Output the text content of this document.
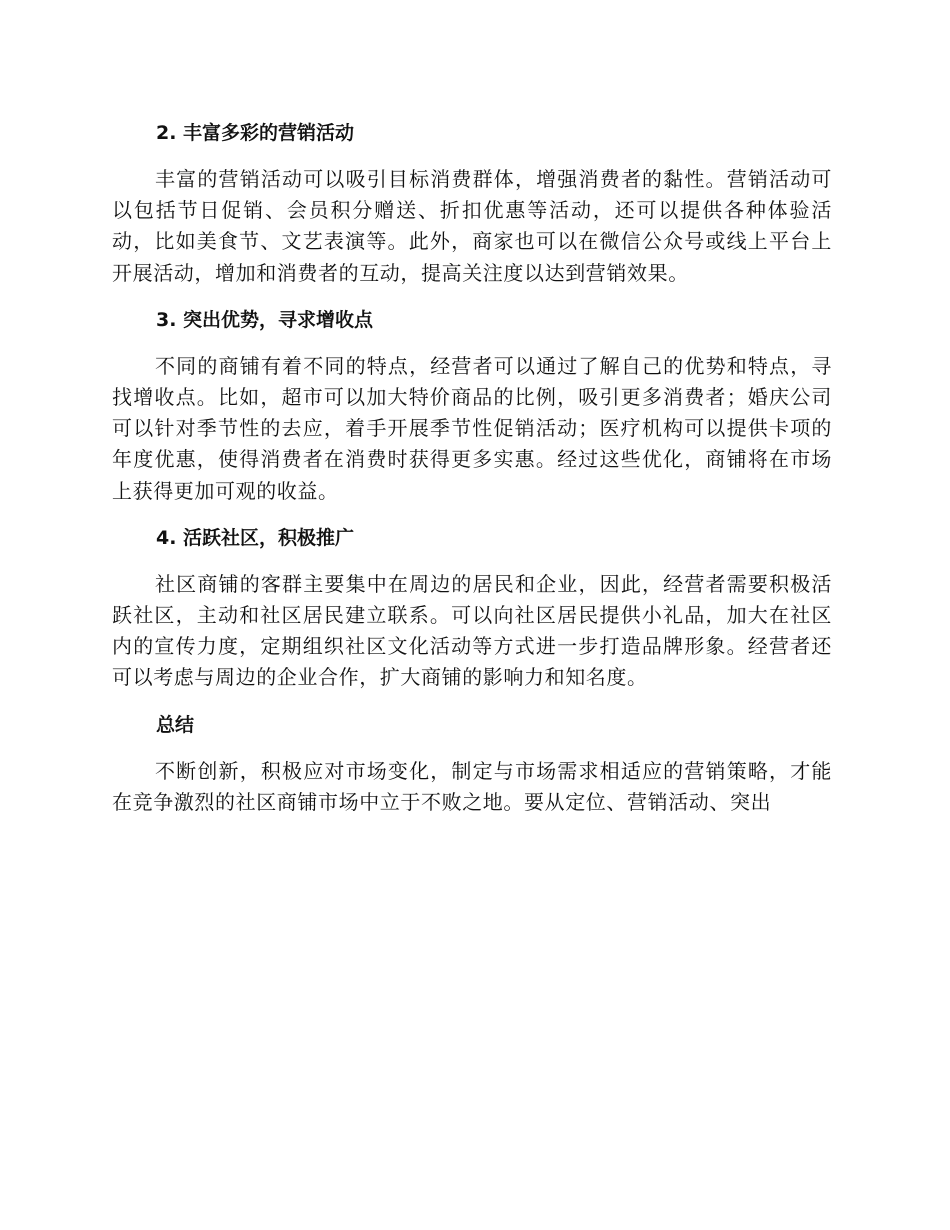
2. 丰富多彩的营销活动

丰富的营销活动可以吸引目标消费群体，增强消费者的黏性。营销活动可以包括节日促销、会员积分赠送、折扣优惠等活动，还可以提供各种体验活动，比如美食节、文艺表演等。此外，商家也可以在微信公众号或线上平台上开展活动，增加和消费者的互动，提高关注度以达到营销效果。

3. 突出优势，寻求增收点

不同的商铺有着不同的特点，经营者可以通过了解自己的优势和特点，寻找增收点。比如，超市可以加大特价商品的比例，吸引更多消费者；婚庆公司可以针对季节性的去应，着手开展季节性促销活动；医疗机构可以提供卡项的年度优惠，使得消费者在消费时获得更多实惠。经过这些优化，商铺将在市场上获得更加可观的收益。

4. 活跃社区，积极推广

社区商铺的客群主要集中在周边的居民和企业，因此，经营者需要积极活跃社区，主动和社区居民建立联系。可以向社区居民提供小礼品，加大在社区内的宣传力度，定期组织社区文化活动等方式进一步打造品牌形象。经营者还可以考虑与周边的企业合作，扩大商铺的影响力和知名度。

总结

不断创新，积极应对市场变化，制定与市场需求相适应的营销策略，才能在竞争激烈的社区商铺市场中立于不败之地。要从定位、营销活动、突出
